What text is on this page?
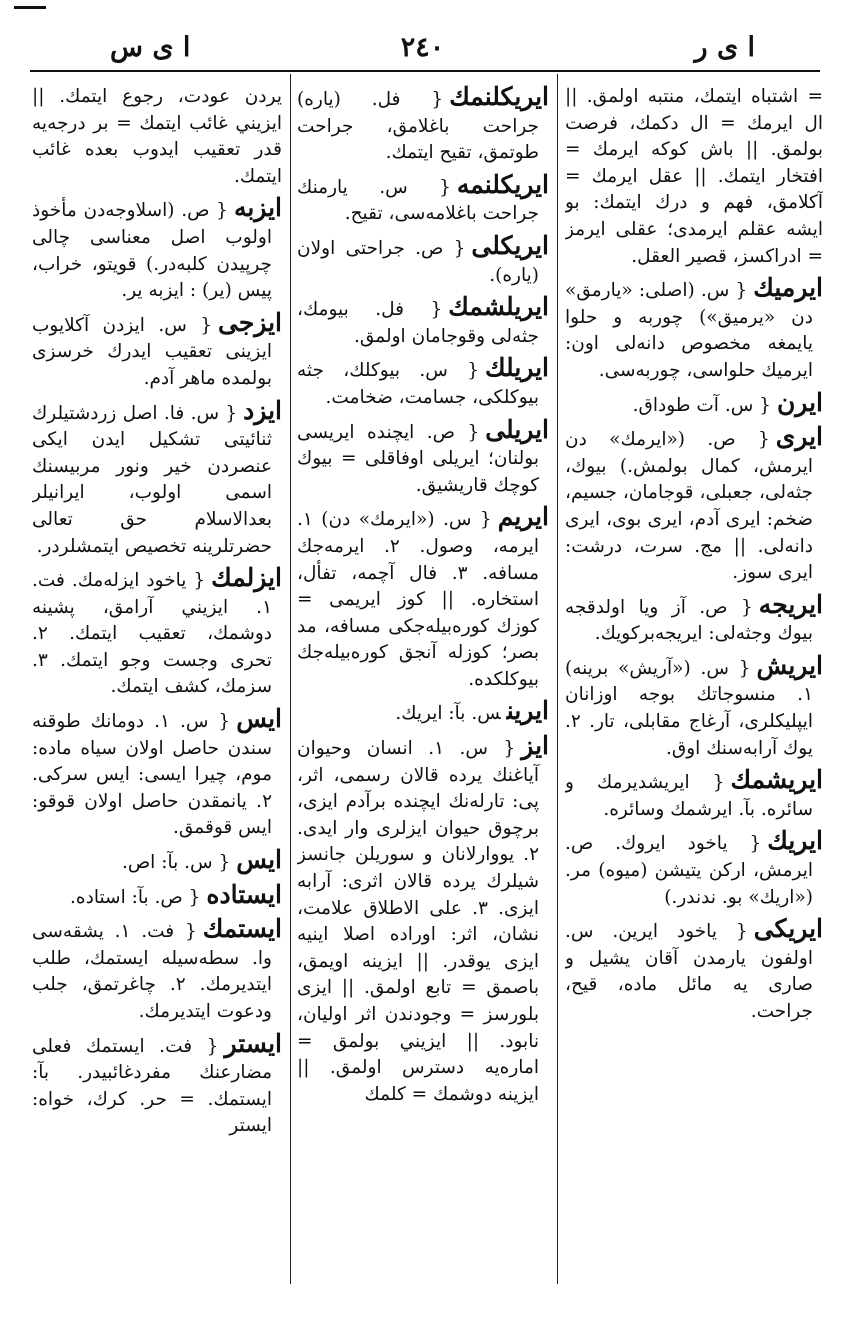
ا ى ر
۲٤۰
ا ى س
= اشتباه ايتمك، منتبه اولمق. || ال ايرمك = ال دكمك، فرصت بولمق. || باش كوكه ايرمك = افتخار ايتمك. || عقل ايرمك = آكلامق، فهم و درك ايتمك: بو ايشه عقلم ايرمدى؛ عقلى ايرمز = ادراكسز، قصير العقل.
ايرميك{ س. (اصلى: «يارمق» دن «يرميق») چوربه و حلوا يايمغه مخصوص دانه‌لى اون: ايرميك حلواسى، چوربه‌سى.
ايرن{ س. آت طوداق.
ايرى{ ص. («ايرمك» دن ايرمش، كمال بولمش.) بيوك، جثه‌لى، جعبلى، قوجامان، جسيم، ضخم: ايرى آدم، ايرى بوى، ايرى دانه‌لى. || مج. سرت، درشت: ايرى سوز.
ايريجه{ ص. آز ويا اولدقجه بيوك وجثه‌لى: ايريجه‌بركويك.
ايريش{ س. («آريش» برينه) ۱. منسوجاتك بوجه اوزانان ايپليكلرى، آرغاج مقابلى، تار. ۲. يوك آرابه‌سنك اوق.
ايريشمك{ ايريشديرمك و سائره. بآ. ايرشمك وسائره.
ايريك{ ياخود ايروك. ص. ايرمش، اركن يتيشن (ميوه) مر. («اريك» بو. ندندر.)
ايريكى{ ياخود ايرين. س. اولفون يارمدن آقان يشيل و صارى يه مائل ماده، قيح، جراحت.
ايريكلنمك{ فل. (ياره) جراحت باغلامق، جراحت طوتمق، تقيح ايتمك.
ايريكلنمه{ س. يارمنك جراحت باغلامه‌سى، تقيح.
ايريكلى{ ص. جراحتى اولان (ياره).
ايريلشمك{ فل. بيومك، جثه‌لى وقوجامان اولمق.
ايريلك{ س. بيوكلك، جثه بيوكلكى، جسامت، ضخامت.
ايريلى{ ص. ايچنده ايريسى بولنان؛ ايريلى اوفاقلى = بيوك كوچك قاريشيق.
ايريم{ س. («ايرمك» دن) ۱. ايرمه، وصول. ۲. ايرمه‌جك مسافه. ۳. فال آچمه، تفأل، استخاره. || كوز ايريمى = كوزك كوره‌بيله‌جكى مسافه، مد بصر؛ كوزله آنجق كوره‌بيله‌جك بيوكلكده.
ايرينس. بآ: ايريك.
ايز{ س. ۱. انسان وحيوان آياغنك يرده قالان رسمى، اثر، پى: تارلەنك ايچنده برآدم ايزى، برچوق حيوان ايزلرى وار ايدى. ۲. يووارلانان و سوريلن جانسز شيلرك يرده قالان اثرى: آرابه ايزى. ۳. على الاطلاق علامت، نشان، اثر: اوراده اصلا اينيه ايزى يوقدر. || ايزينه اويمق، باصمق = تابع اولمق. || ايزى بلورسز = وجودندن اثر اوليان، نابود. || ايزيني بولمق = اماره‌يه دسترس اولمق. || ايزينه دوشمك = كلمك
يردن عودت، رجوع ايتمك. || ايزيني غائب ايتمك = بر درجه‌يه قدر تعقيب ايدوب بعده غائب ايتمك.
ايزبه{ ص. (اسلاوجه‌دن مأخوذ اولوب اصل معناسى چالى چرپيدن كلبه‌در.) قويتو، خراب، پيس (ير) : ايزبه ير.
ايزجى{ س. ايزدن آكلايوب ايزينى تعقيب ايدرك خرسزى بولمده ماهر آدم.
ايزد{ س. فا. اصل زردشتيلرك ثنائيتى تشكيل ايدن ايكى عنصردن خير ونور مربيسنك اسمى اولوب، ايرانيلر بعدالاسلام حق تعالى حضرتلرينه تخصيص ايتمشلردر.
ايزلمك{ ياخود ايزلەمك. فت. ۱. ايزيني آرامق، پشينه دوشمك، تعقيب ايتمك. ۲. تحرى وجست وجو ايتمك. ۳. سزمك، كشف ايتمك.
ايس{ س. ۱. دومانك طوقنه سندن حاصل اولان سياه ماده: موم، چيرا ايسى: ايس سركى. ۲. يانمقدن حاصل اولان قوقو: ايس قوقمق.
ايس{ س. بآ: اص.
ايستاده{ ص. بآ: استاده.
ايستمك{ فت. ۱. يشقه‌سى وا. سطه‌سيله ايستمك، طلب ايتديرمك. ۲. چاغرتمق، جلب ودعوت ايتديرمك.
ايستر{ فت. ايستمك فعلى مضارعنك مفردغائبيدر. بآ: ايستمك. = حر. كرك، خواه: ايستر
